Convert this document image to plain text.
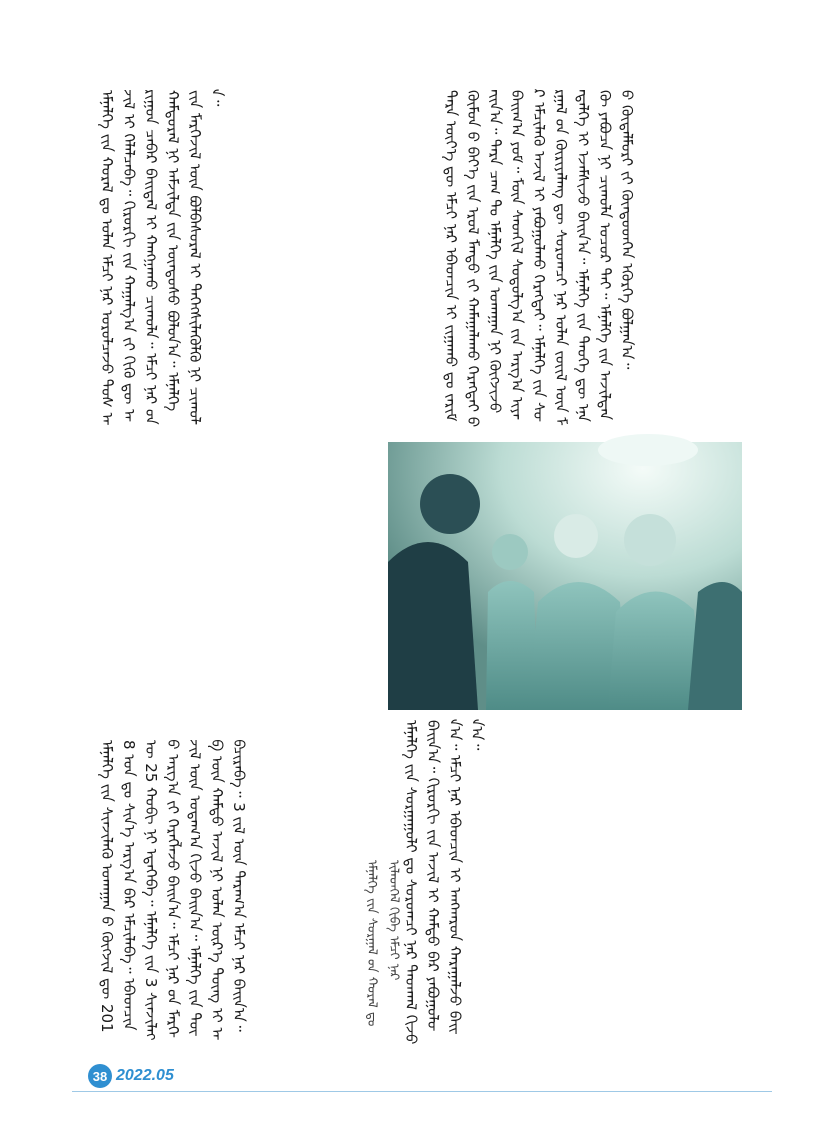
ᠲᠡᠷᠡ ᠦᠶ᠎ᠡ ᠳᠦ ᠡᠮᠴᠢ ᠨᠠᠷ ᠡᠪᠡᠳᠴᠢᠨ ᠢ ᠵᠢᠭᠠᠬᠤ ᠳᠤ ᠵᠠᠷᠢᠮ ᠬᠦᠮᠦᠨ ᠤ᠋ ᠪᠡᠶ᠎ᠡ ᠶ᠋ᠢᠨ ᠡᠷᠦᠯ ᠮᠡᠨᠳᠦ ᠶ᠋ᠢ ᠬᠠᠮᠠᠭᠠᠯᠠᠬᠤ ᠬᠡᠷᠡᠭᠲᠡᠢ ᠪᠠᠢᠨ᠎ᠠ᠃ ᠲᠡᠷᠡ ᠴᠠᠭ ᠲᠤ ᠡᠮᠨᠡᠯᠭᠡ ᠶ᠋ᠢᠨ ᠤᠬᠠᠭᠠᠨ ᠨᠢ ᠬᠥᠭᠵᠢᠵᠦ ᠪᠠᠢᠭ᠎ᠠ ᠶᠤᠮ᠃ ᠮᠥᠨ ᠰᠡᠳᠬᠢᠯ ᠰᠤᠳᠤᠯᠭ᠎ᠠ ᠶ᠋ᠢᠨ ᠠᠷᠭ᠎ᠠ ᠢᠶᠡᠷ ᠡᠮᠴᠢᠯᠡᠬᠦ ᠠᠵᠢᠯ ᠢ ᠶᠠᠪᠤᠭᠤᠯᠬᠤ ᠬᠡᠷᠡᠭᠲᠡᠢ᠃ ᠡᠮᠨᠡᠯᠭᠡ ᠶ᠋ᠢᠨ ᠰᠤᠷᠭᠠᠯ ᠤ᠋ᠨ ᠬᠦᠷᠢᠶᠡᠯᠡᠩ ᠳᠦ ᠰᠤᠷᠤᠭᠴᠢ ᠨᠠᠷ ᠤᠯᠠᠨ ᠵᠦᠢᠯ ᠦᠨ ᠮᠡᠳᠡᠯᠭᠡ ᠢ ᠡᠵᠡᠮᠰᠢᠵᠦ ᠪᠠᠢᠨ᠎ᠠ᠃ ᠡᠮᠨᠡᠯᠭᠡ ᠶ᠋ᠢᠨ ᠲᠡᠦᠬᠡ ᠳᠦ ᠡᠨᠡ ᠬᠦ ᠶᠠᠪᠤᠴᠠ ᠨᠢ ᠴᠢᠬᠤᠯᠠ ᠤᠴᠤᠷ ᠲᠠᠢ᠃ ᠡᠮᠨᠡᠯᠭᠡ ᠶ᠋ᠢᠨ ᠠᠵᠢᠯᠲᠠᠨ ᠤ᠋ ᠬᠥᠳᠡᠯᠮᠦᠷᠢ ᠶ᠋ᠢ ᠬᠦᠨᠳᠦᠳᠬᠡᠨ ᠡᠭᠦᠷᠭᠡ ᠪᠣᠯᠭᠠᠨ᠎ᠠ᠃
ᠡᠮᠨᠡᠯᠭᠡ ᠶ᠋ᠢᠨ ᠬᠤᠷᠠᠯ ᠳᠤ ᠣᠯᠠᠨ ᠡᠮᠴᠢ ᠨᠠᠷ ᠣᠷᠤᠯᠴᠠᠵᠤ ᠲᠤᠰ ᠠᠵᠢᠯ ᠢ ᠬᠡᠯᠡᠯᠴᠡᠪᠡ᠃ ᠬᠢᠷᠤᠷᠭᠢ ᠶ᠋ᠢᠨ ᠬᠠᠭᠠᠯᠭ᠎ᠠ ᠶ᠋ᠢ ᠬᠢᠬᠦ ᠳᠦ ᠠᠷᠢᠭᠤᠨ ᠴᠡᠪᠡᠷ ᠪᠠᠢᠳᠠᠯ ᠢ ᠬᠠᠩᠭᠠᠬᠤ ᠴᠢᠬᠤᠯᠠ᠃ ᠡᠮᠴᠢ ᠨᠠᠷ ᠤ᠋ᠨ ᠬᠠᠮᠲᠤᠷᠠᠯ ᠨᠢ ᠠᠮᠵᠢᠯᠲᠠ ᠶ᠋ᠢᠨ ᠦᠨᠳᠦᠰᠦ ᠪᠣᠯᠤᠨ᠎ᠠ᠃ ᠡᠮᠨᠡᠯᠭᠡ ᠶ᠋ᠢᠨ ᠮᠡᠷᠭᠡᠵᠢᠯ ᠦᠨ ᠪᠣᠯᠪᠠᠰᠤᠷᠠᠯ ᠢ ᠳᠡᠭᠡᠭᠰᠢᠯᠡᠭᠦᠯᠬᠦ ᠨᠢ ᠴᠢᠬᠤᠯᠠ᠃
ᠡᠮᠨᠡᠯᠭᠡ ᠶ᠋ᠢᠨ ᠰᠤᠷᠭᠠᠭᠤᠯᠢ ᠳᠤ ᠰᠤᠷᠤᠭᠴᠢ ᠨᠠᠷ ᠳᠠᠳᠬᠠᠯ ᠬᠢᠵᠦ ᠪᠠᠢᠨ᠎ᠠ᠃ ᠬᠢᠷᠤᠷᠭᠢ ᠶ᠋ᠢᠨ ᠠᠵᠢᠯ ᠢ ᠬᠠᠮᠲᠤ ᠪᠡᠷ ᠶᠠᠪᠤᠭᠤᠯᠤᠨ᠎ᠠ᠃ ᠡᠮᠴᠢ ᠨᠠᠷ ᠡᠪᠡᠳᠴᠢᠨ ᠢ ᠠᠩᠬᠠᠷᠤᠨ ᠬᠠᠷᠠᠭᠠᠯᠵᠤ ᠪᠠᠢᠨ᠎ᠠ᠃
ᠡᠮᠨᠡᠯᠭᠡ ᠶ᠋ᠢᠨ ᠰᠢᠨᠵᠢᠯᠡᠬᠦ ᠤᠬᠠᠭᠠᠨ ᠤ᠋ ᠬᠥᠭᠵᠢᠯ ᠳᠦ 2018 ᠣᠨ ᠳᠤ ᠰᠢᠨ᠎ᠡ ᠠᠷᠭ᠎ᠠ ᠪᠠᠷ ᠡᠮᠴᠢᠯᠡᠪᠡ᠃ ᠡᠪᠡᠳᠴᠢᠨ ᠦ 25 ᠬᠤᠪᠢ ᠨᠢ ᠡᠳᠡᠭᠡᠪᠡ᠃ ᠡᠮᠨᠡᠯᠭᠡ ᠶ᠋ᠢᠨ 3 ᠰᠢᠨᠵᠢᠯᠡᠬᠦ ᠠᠷᠭ᠎ᠠ ᠶ᠋ᠢ ᠬᠡᠷᠡᠭᠯᠡᠵᠦ ᠪᠠᠢᠨ᠎ᠠ᠃ ᠡᠮᠴᠢ ᠨᠠᠷ ᠤ᠋ᠨ ᠮᠡᠷᠭᠡᠵᠢᠯ ᠦᠨ ᠤᠳᠠᠭ᠎ᠠ ᠬᠢᠵᠦ ᠪᠠᠢᠨ᠎ᠠ᠃ ᠡᠮᠨᠡᠯᠭᠡ ᠶ᠋ᠢᠨ ᠲᠥᠪ ᠦᠨ ᠬᠠᠮᠲᠤ ᠠᠵᠢᠯ ᠨᠢ ᠤᠯᠠᠨ ᠦᠷ᠎ᠡ ᠳᠦᠩ ᠢ ᠠᠪᠴᠢᠷᠠᠪᠠ᠃ 3 ᠵᠢᠯ ᠦᠨ ᠳᠠᠷᠠᠭ᠎ᠠ ᠡᠮᠴᠢ ᠨᠠᠷ ᠪᠠᠢᠨ᠎ᠠ᠃	ᠡᠮᠨᠡᠯᠭᠡ ᠶ᠋ᠢᠨ ᠰᠤᠷᠭᠠᠯ ᠤ᠋ᠨ ᠬᠤᠷᠠᠯ ᠳᠤ ᠢᠯᠡᠳᠬᠡᠯ ᠬᠢᠪᠡ ᠡᠮᠴᠢ ᠨᠠᠷ
38 2022.05
